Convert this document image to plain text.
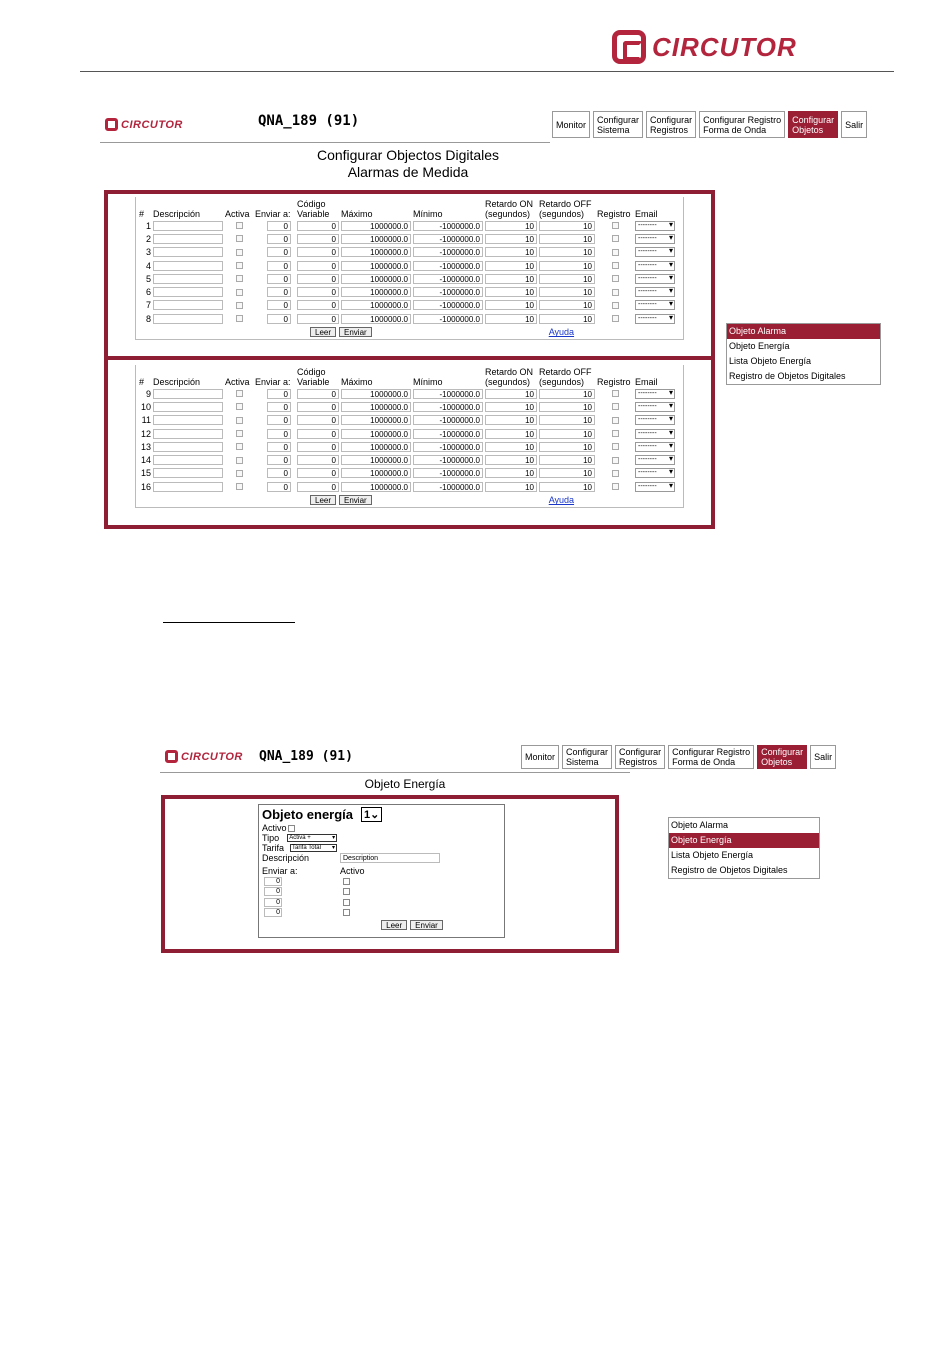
CIRCUTOR
CIRCUTOR	QNA_189 (91)	Monitor	Configurar
Sistema
Configurar
Registros
Configurar Registro
Forma de Onda
Configurar
Objetos	Salir
Configurar Objectos Digitales
Alarmas de Medida
#	Descripción	Activa	Enviar a:	Código Variable	Máximo	Mínimo	Retardo ON (segundos)	Retardo OFF (segundos)	Registro	Email
1			0	0	1000000.0	-1000000.0	10	10		-------- ▾

2			0	0	1000000.0	-1000000.0	10	10		-------- ▾

3			0	0	1000000.0	-1000000.0	10	10		-------- ▾

4			0	0	1000000.0	-1000000.0	10	10		-------- ▾

5			0	0	1000000.0	-1000000.0	10	10		-------- ▾

6			0	0	1000000.0	-1000000.0	10	10		-------- ▾

7			0	0	1000000.0	-1000000.0	10	10		-------- ▾

8			0	0	1000000.0	-1000000.0	10	10		-------- ▾
Leer	Enviar	Ayuda
#	Descripción	Activa	Enviar a:	Código Variable	Máximo	Mínimo	Retardo ON (segundos)	Retardo OFF (segundos)	Registro	Email
9			0	0	1000000.0	-1000000.0	10	10		-------- ▾

10			0	0	1000000.0	-1000000.0	10	10		-------- ▾

11			0	0	1000000.0	-1000000.0	10	10		-------- ▾

12			0	0	1000000.0	-1000000.0	10	10		-------- ▾

13			0	0	1000000.0	-1000000.0	10	10		-------- ▾

14			0	0	1000000.0	-1000000.0	10	10		-------- ▾

15			0	0	1000000.0	-1000000.0	10	10		-------- ▾

16			0	0	1000000.0	-1000000.0	10	10		-------- ▾
Leer	Enviar	Ayuda
Objeto Alarma
Objeto Energía
Lista Objeto Energía
Registro de Objetos Digitales
CIRCUTOR QNA_189 (91)	Monitor	Configurar
Sistema
Configurar
Registros
Configurar Registro
Forma de Onda
Configurar
Objetos	Salir
Objeto Energía
Objeto energía 1⌄
Activo
Tipo	Activa +	▾
Tarifa	Tarifa Total ▾
Descripción	Description
Enviar a:	Activo
0
0
0
0
Leer	Enviar
Objeto Alarma
Objeto Energía
Lista Objeto Energía
Registro de Objetos Digitales
